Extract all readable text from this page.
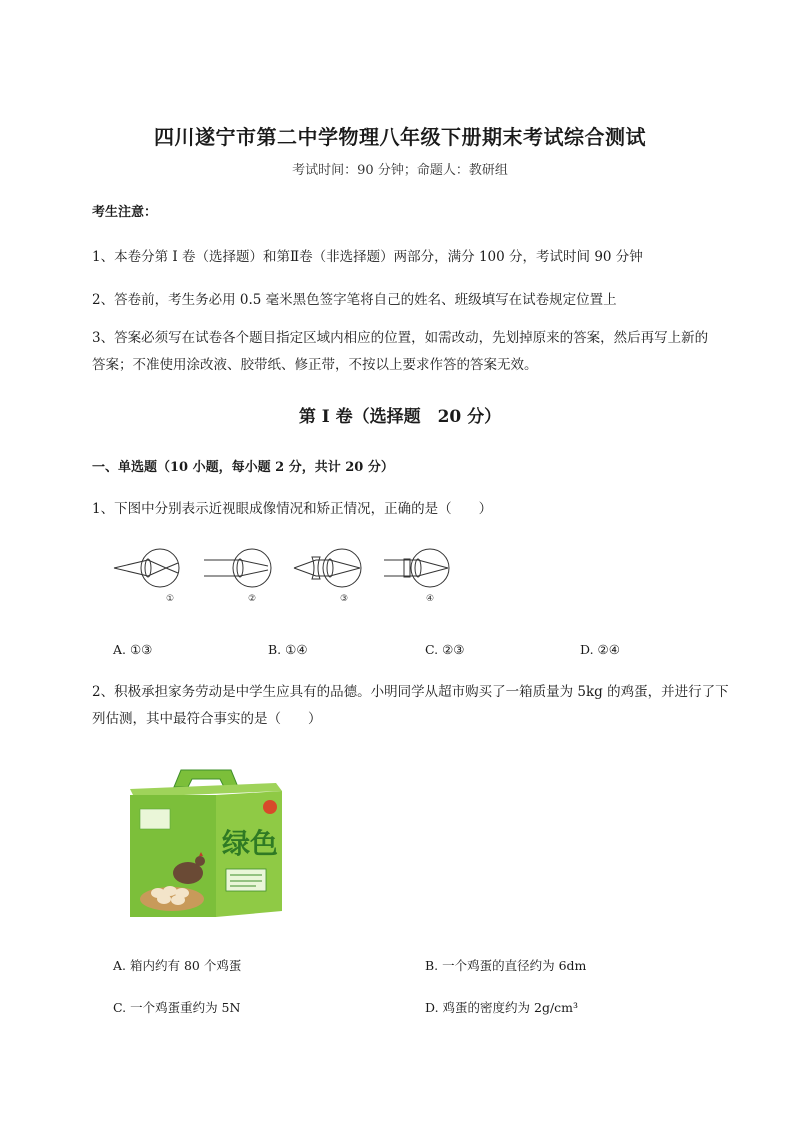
四川遂宁市第二中学物理八年级下册期末考试综合测试
考试时间：90 分钟；命题人：教研组
考生注意：
1、本卷分第 I 卷（选择题）和第Ⅱ卷（非选择题）两部分，满分 100 分，考试时间 90 分钟
2、答卷前，考生务必用 0.5 毫米黑色签字笔将自己的姓名、班级填写在试卷规定位置上
3、答案必须写在试卷各个题目指定区域内相应的位置，如需改动，先划掉原来的答案，然后再写上新的答案；不准使用涂改液、胶带纸、修正带，不按以上要求作答的答案无效。
第 I 卷（选择题　20 分）
一、单选题（10 小题，每小题 2 分，共计 20 分）
1、下图中分别表示近视眼成像情况和矫正情况，正确的是（　　）
①	②	③	④
A. ①③	B. ①④	C. ②③	D. ②④
2、积极承担家务劳动是中学生应具有的品德。小明同学从超市购买了一箱质量为 5kg 的鸡蛋，并进行了下列估测，其中最符合事实的是（　　）
绿色
A. 箱内约有 80 个鸡蛋	B. 一个鸡蛋的直径约为 6dm
C. 一个鸡蛋重约为 5N	D. 鸡蛋的密度约为 2g/cm³
